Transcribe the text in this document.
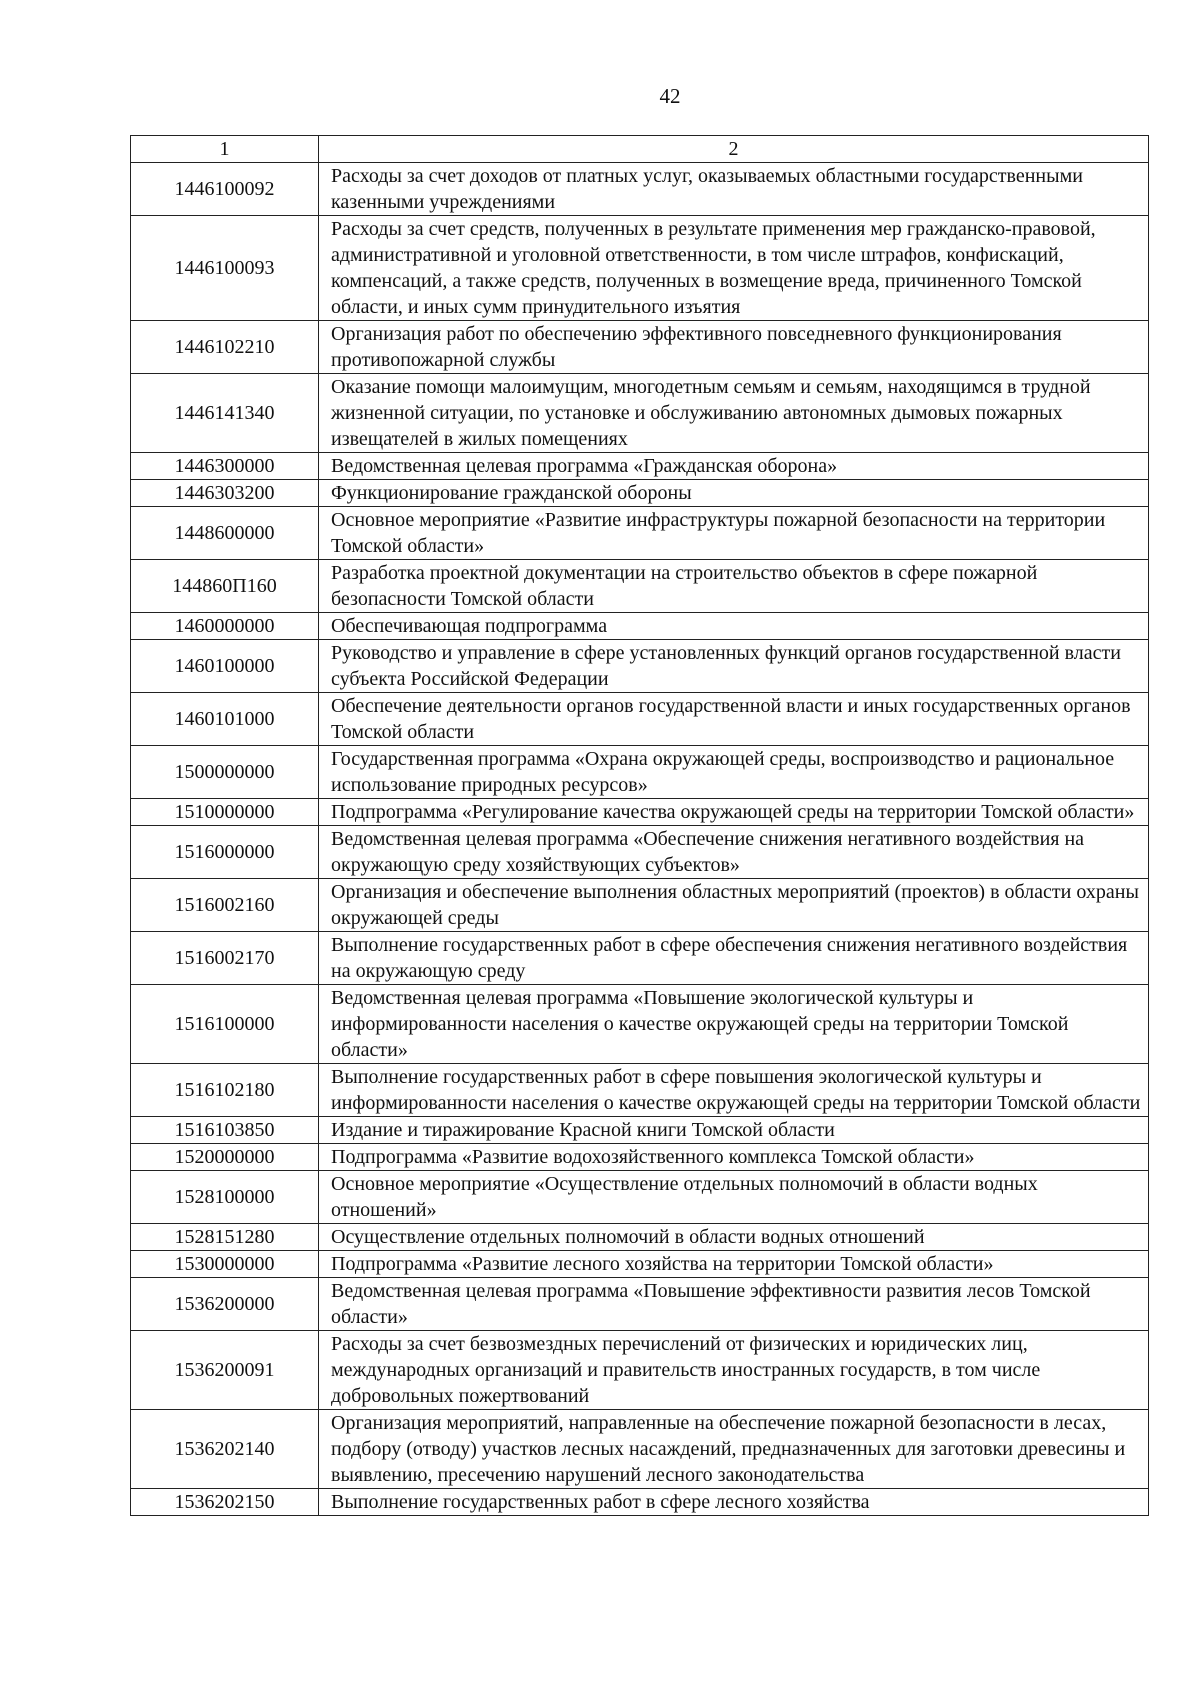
42
1	2
1446100092	Расходы за счет доходов от платных услуг, оказываемых областными государственными казенными учреждениями
1446100093	Расходы за счет средств, полученных в результате применения мер гражданско-правовой, административной и уголовной ответственности, в том числе штрафов, конфискаций, компенсаций, а также средств, полученных в возмещение вреда, причиненного Томской области, и иных сумм принудительного изъятия
1446102210	Организация работ по обеспечению эффективного повседневного функционирования противопожарной службы
1446141340	Оказание помощи малоимущим, многодетным семьям и семьям, находящимся в трудной жизненной ситуации, по установке и обслуживанию автономных дымовых пожарных извещателей в жилых помещениях
1446300000	Ведомственная целевая программа «Гражданская оборона»
1446303200	Функционирование гражданской обороны
1448600000	Основное мероприятие «Развитие инфраструктуры пожарной безопасности на территории Томской области»
144860П160	Разработка проектной документации на строительство объектов в сфере пожарной безопасности Томской области
1460000000	Обеспечивающая подпрограмма
1460100000	Руководство и управление в сфере установленных функций органов государственной власти субъекта Российской Федерации
1460101000	Обеспечение деятельности органов государственной власти и иных государственных органов Томской области
1500000000	Государственная программа «Охрана окружающей среды, воспроизводство и рациональное использование природных ресурсов»
1510000000	Подпрограмма «Регулирование качества окружающей среды на территории Томской области»
1516000000	Ведомственная целевая программа «Обеспечение снижения негативного воздействия на окружающую среду хозяйствующих субъектов»
1516002160	Организация и обеспечение выполнения областных мероприятий (проектов) в области охраны окружающей среды
1516002170	Выполнение государственных работ в сфере обеспечения снижения негативного воздействия на окружающую среду
1516100000	Ведомственная целевая программа «Повышение экологической культуры и информированности населения о качестве окружающей среды на территории Томской области»
1516102180	Выполнение государственных работ в сфере повышения экологической культуры и информированности населения о качестве окружающей среды на территории Томской области
1516103850	Издание и тиражирование Красной книги Томской области
1520000000	Подпрограмма «Развитие водохозяйственного комплекса Томской области»
1528100000	Основное мероприятие «Осуществление отдельных полномочий в области водных отношений»
1528151280	Осуществление отдельных полномочий в области водных отношений
1530000000	Подпрограмма «Развитие лесного хозяйства на территории Томской области»
1536200000	Ведомственная целевая программа «Повышение эффективности развития лесов Томской области»
1536200091	Расходы за счет безвозмездных перечислений от физических и юридических лиц, международных организаций и правительств иностранных государств, в том числе добровольных пожертвований
1536202140	Организация мероприятий, направленные на обеспечение пожарной безопасности в лесах, подбору (отводу) участков лесных насаждений, предназначенных для заготовки древесины и выявлению, пресечению нарушений лесного законодательства
1536202150	Выполнение государственных работ в сфере лесного хозяйства
